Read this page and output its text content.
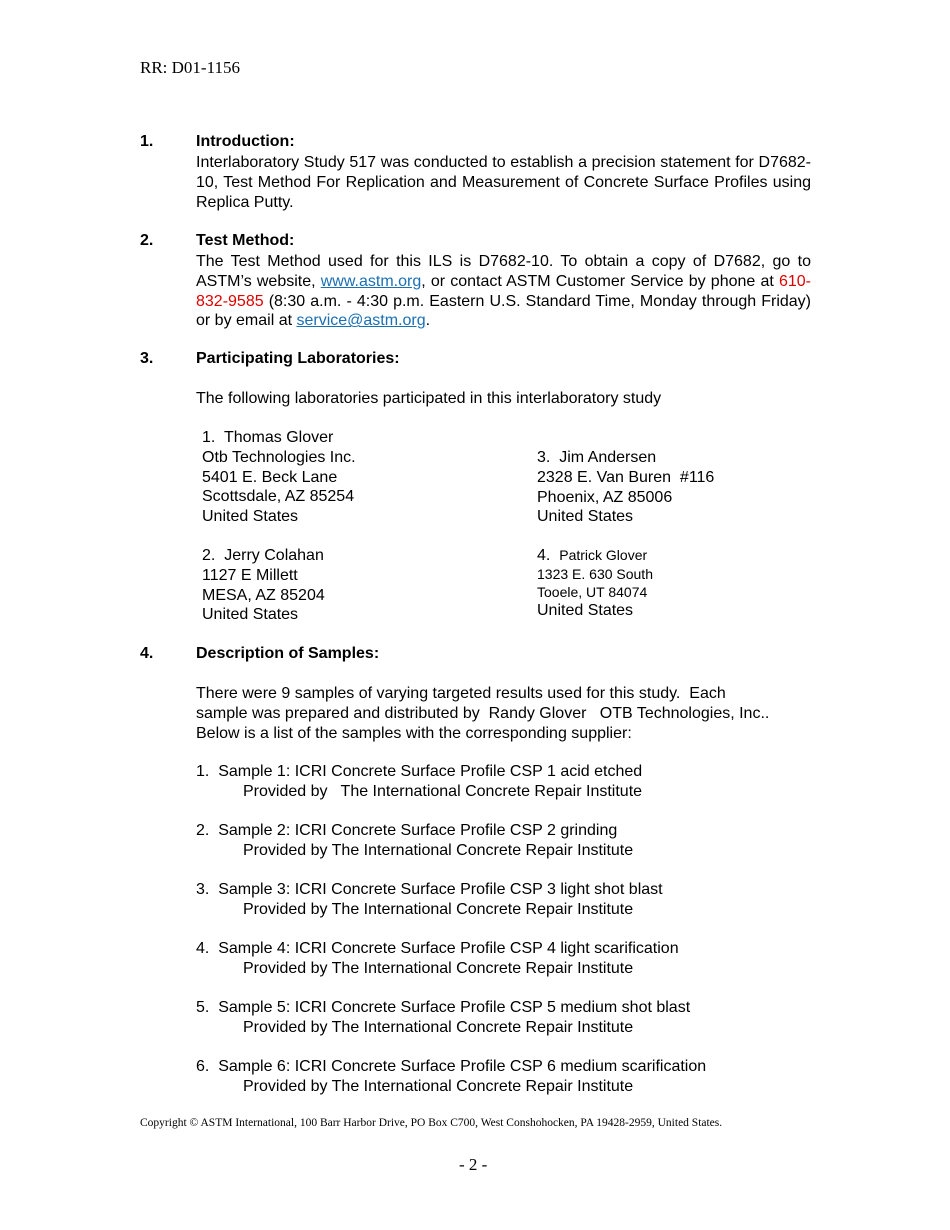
RR: D01-1156
1.	Introduction:
Interlaboratory Study 517 was conducted to establish a precision statement for D7682-10, Test Method For Replication and Measurement of Concrete Surface Profiles using Replica Putty.
2.	Test Method:
The Test Method used for this ILS is D7682-10. To obtain a copy of D7682, go to ASTM’s website, www.astm.org, or contact ASTM Customer Service by phone at 610-832-9585 (8:30 a.m. - 4:30 p.m. Eastern U.S. Standard Time, Monday through Friday) or by email at service@astm.org.
3.	Participating Laboratories:
The following laboratories participated in this interlaboratory study
1.  Thomas Glover
Otb Technologies Inc.
5401 E. Beck Lane
Scottsdale, AZ 85254
United States
2.  Jerry Colahan
1127 E Millett
MESA, AZ 85204
United States
3.  Jim Andersen
2328 E. Van Buren  #116
Phoenix, AZ 85006
United States
4. Patrick Glover
1323 E. 630 South
Tooele, UT 84074
United States
4.	Description of Samples:
There were 9 samples of varying targeted results used for this study.  Each
sample was prepared and distributed by  Randy Glover   OTB Technologies, Inc..
Below is a list of the samples with the corresponding supplier:
1.  Sample 1: ICRI Concrete Surface Profile CSP 1 acid etched
Provided by   The International Concrete Repair Institute
2.  Sample 2: ICRI Concrete Surface Profile CSP 2 grinding
Provided by The International Concrete Repair Institute
3.  Sample 3: ICRI Concrete Surface Profile CSP 3 light shot blast
Provided by The International Concrete Repair Institute
4.  Sample 4: ICRI Concrete Surface Profile CSP 4 light scarification
Provided by The International Concrete Repair Institute
5.  Sample 5: ICRI Concrete Surface Profile CSP 5 medium shot blast
Provided by The International Concrete Repair Institute
6.  Sample 6: ICRI Concrete Surface Profile CSP 6 medium scarification
Provided by The International Concrete Repair Institute
Copyright © ASTM International, 100 Barr Harbor Drive, PO Box C700, West Conshohocken, PA 19428-2959, United States.
- 2 -
